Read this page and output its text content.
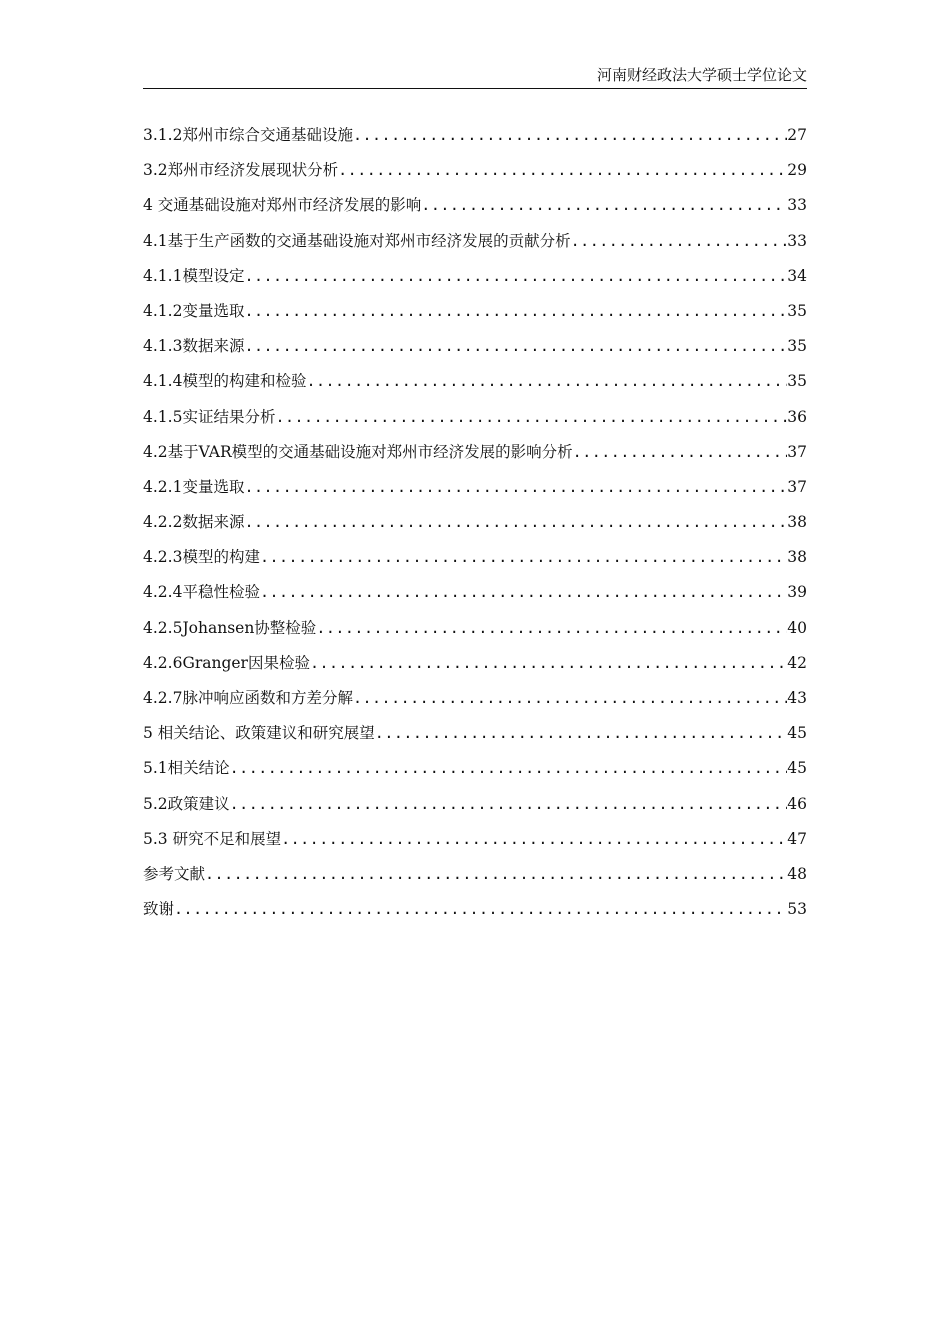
河南财经政法大学硕士学位论文
3.1.2郑州市综合交通基础设施 .....	27
3.2郑州市经济发展现状分析 .....	29
4 交通基础设施对郑州市经济发展的影响 .....	33
4.1基于生产函数的交通基础设施对郑州市经济发展的贡献分析 .....	33
4.1.1模型设定 .....	34
4.1.2变量选取 .....	35
4.1.3数据来源 .....	35
4.1.4模型的构建和检验 .....	35
4.1.5实证结果分析 .....	36
4.2基于VAR模型的交通基础设施对郑州市经济发展的影响分析 .....	37
4.2.1变量选取 .....	37
4.2.2数据来源 .....	38
4.2.3模型的构建 .....	38
4.2.4平稳性检验 .....	39
4.2.5Johansen协整检验 .....	40
4.2.6Granger因果检验 .....	42
4.2.7脉冲响应函数和方差分解 .....	43
5 相关结论、政策建议和研究展望 .....	45
5.1相关结论 .....	45
5.2政策建议 .....	46
5.3 研究不足和展望 .....	47
参考文献 .....	48
致谢 .....	53
